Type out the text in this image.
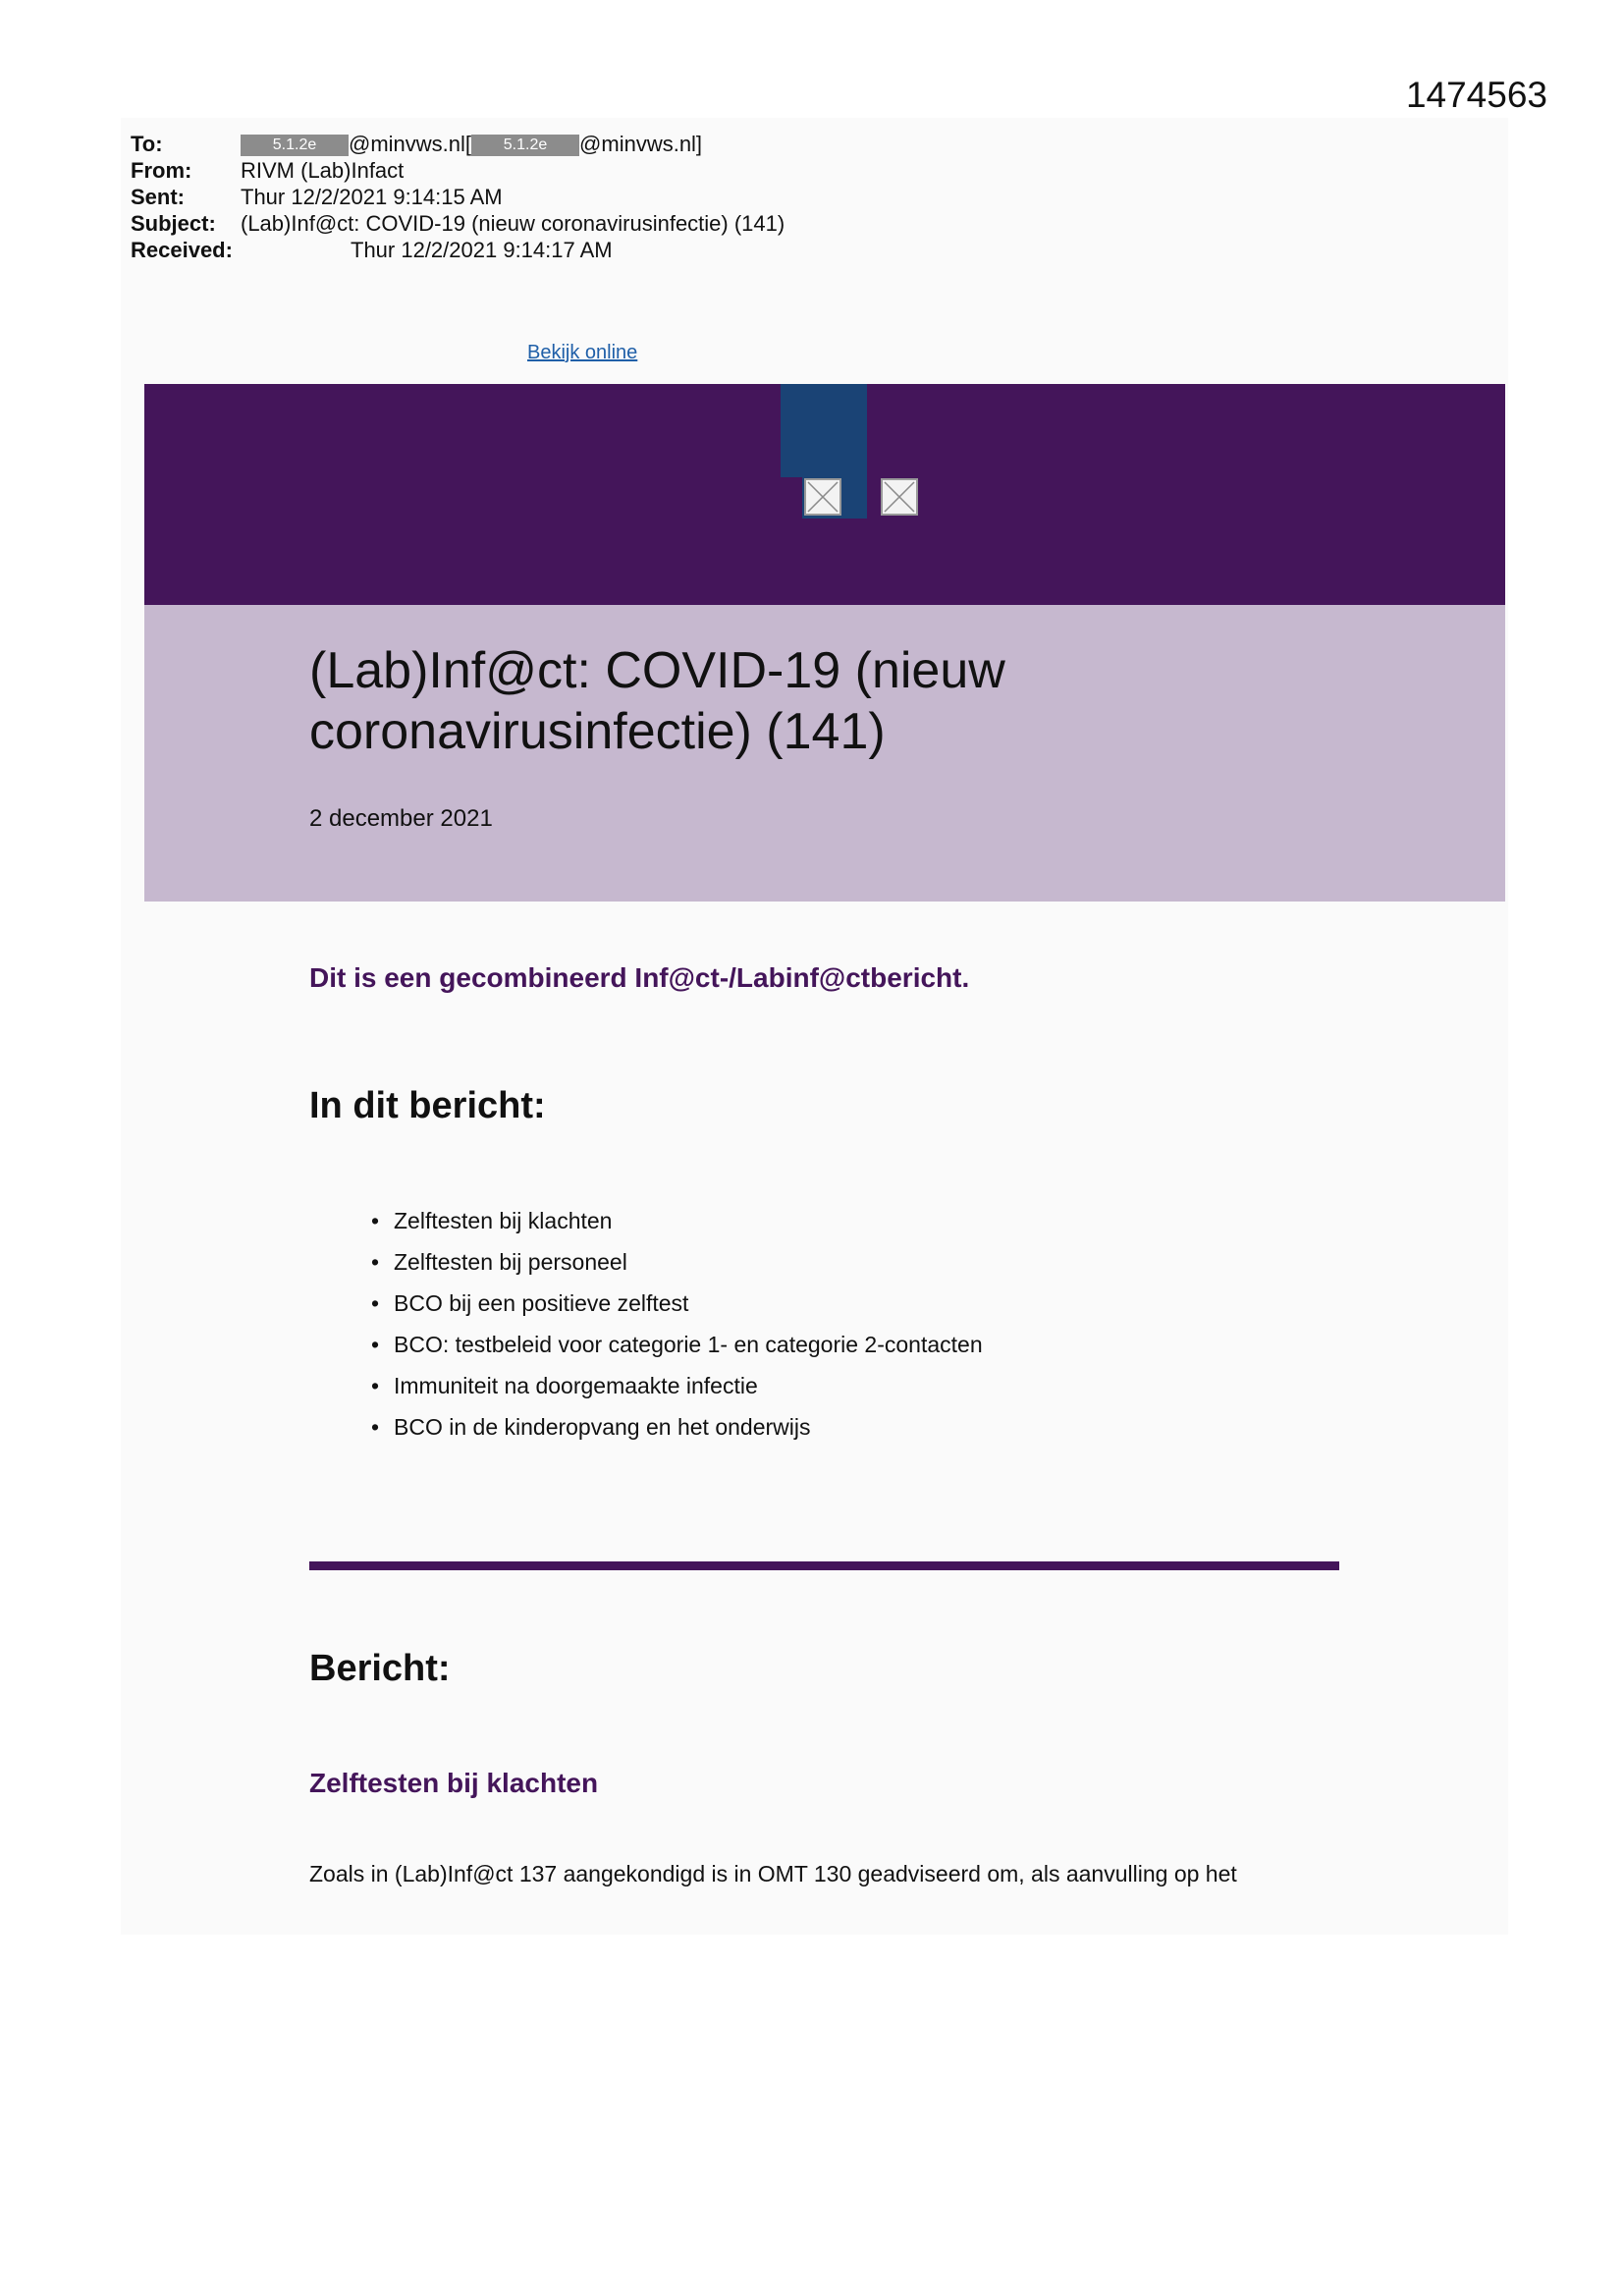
1474563
To:	5.1.2e @minvws.nl[ 5.1.2e @minvws.nl]
From: RIVM (Lab)Infact
Sent:	Thur 12/2/2021 9:14:15 AM
Subject: (Lab)Inf@ct: COVID-19 (nieuw coronavirusinfectie) (141)
Received:	Thur 12/2/2021 9:14:17 AM
Bekijk online
(Lab)Inf@ct: COVID-19 (nieuw coronavirusinfectie) (141)
2 december 2021
Dit is een gecombineerd Inf@ct-/Labinf@ctbericht.
In dit bericht:
• Zelftesten bij klachten
• Zelftesten bij personeel
• BCO bij een positieve zelftest
• BCO: testbeleid voor categorie 1- en categorie 2-contacten
• Immuniteit na doorgemaakte infectie
• BCO in de kinderopvang en het onderwijs
Bericht:
Zelftesten bij klachten
Zoals in (Lab)Inf@ct 137 aangekondigd is in OMT 130 geadviseerd om, als aanvulling op het
